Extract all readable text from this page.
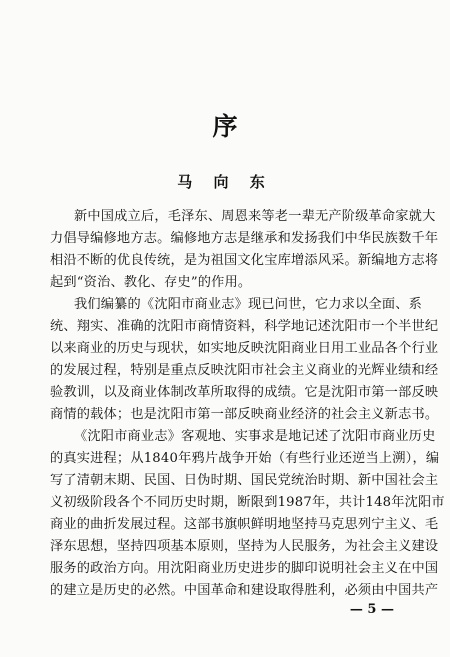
序
马 向 东
新中国成立后，毛泽东、周恩来等老一辈无产阶级革命家就大
力倡导编修地方志。编修地方志是继承和发扬我们中华民族数千年
相沿不断的优良传统，是为祖国文化宝库增添风采。新编地方志将
起到“资治、教化、存史”的作用。
我们编纂的《沈阳市商业志》现已问世，它力求以全面、系
统、翔实、准确的沈阳市商情资料，科学地记述沈阳市一个半世纪
以来商业的历史与现状，如实地反映沈阳商业日用工业品各个行业
的发展过程，特别是重点反映沈阳市社会主义商业的光辉业绩和经
验教训，以及商业体制改革所取得的成绩。它是沈阳市第一部反映
商情的载体；也是沈阳市第一部反映商业经济的社会主义新志书。
《沈阳市商业志》客观地、实事求是地记述了沈阳市商业历史
的真实进程；从1840年鸦片战争开始（有些行业还逆当上溯），编
写了清朝末期、民国、日伪时期、国民党统治时期、新中国社会主
义初级阶段各个不同历史时期，断限到1987年，共计148年沈阳市
商业的曲折发展过程。这部书旗帜鲜明地坚持马克思列宁主义、毛
泽东思想，坚持四项基本原则，坚持为人民服务，为社会主义建设
服务的政治方向。用沈阳商业历史进步的脚印说明社会主义在中国
的建立是历史的必然。中国革命和建设取得胜利，必须由中国共产
— 5 —
